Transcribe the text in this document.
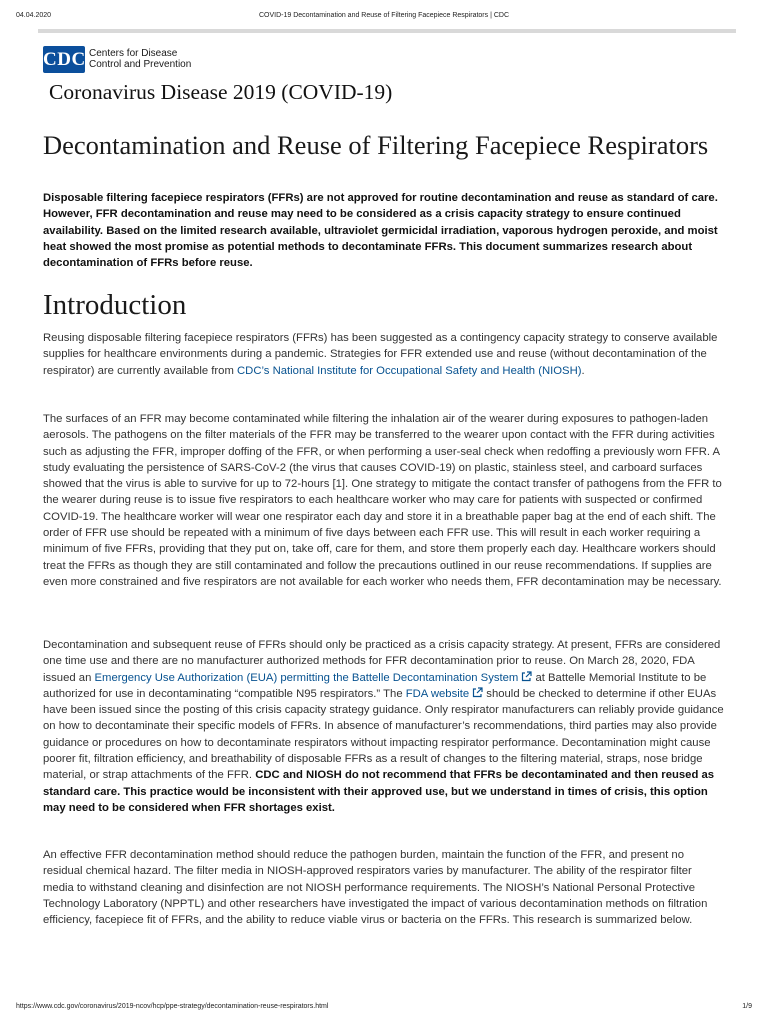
04.04.2020	COVID-19 Decontamination and Reuse of Filtering Facepiece Respirators | CDC
CDC Centers for Disease
Control and Prevention
Coronavirus Disease 2019 (COVID-19)
Decontamination and Reuse of Filtering Facepiece Respirators

Disposable filtering facepiece respirators (FFRs) are not approved for routine decontamination and reuse as standard of care. However, FFR decontamination and reuse may need to be considered as a crisis capacity strategy to ensure continued availability. Based on the limited research available, ultraviolet germicidal irradiation, vaporous hydrogen peroxide, and moist heat showed the most promise as potential methods to decontaminate FFRs. This document summarizes research about decontamination of FFRs before reuse.

Introduction

Reusing disposable filtering facepiece respirators (FFRs) has been suggested as a contingency capacity strategy to conserve available supplies for healthcare environments during a pandemic. Strategies for FFR extended use and reuse (without decontamination of the respirator) are currently available from CDC’s National Institute for Occupational Safety and Health (NIOSH).

The surfaces of an FFR may become contaminated while filtering the inhalation air of the wearer during exposures to pathogen-laden aerosols. The pathogens on the filter materials of the FFR may be transferred to the wearer upon contact with the FFR during activities such as adjusting the FFR, improper doffing of the FFR, or when performing a user-seal check when redoffing a previously worn FFR. A study evaluating the persistence of SARS-CoV-2 (the virus that causes COVID-19) on plastic, stainless steel, and carboard surfaces showed that the virus is able to survive for up to 72-hours [1]. One strategy to mitigate the contact transfer of pathogens from the FFR to the wearer during reuse is to issue five respirators to each healthcare worker who may care for patients with suspected or confirmed COVID-19. The healthcare worker will wear one respirator each day and store it in a breathable paper bag at the end of each shift. The order of FFR use should be repeated with a minimum of five days between each FFR use. This will result in each worker requiring a minimum of five FFRs, providing that they put on, take off, care for them, and store them properly each day. Healthcare workers should treat the FFRs as though they are still contaminated and follow the precautions outlined in our reuse recommendations. If supplies are even more constrained and five respirators are not available for each worker who needs them, FFR decontamination may be necessary.

Decontamination and subsequent reuse of FFRs should only be practiced as a crisis capacity strategy. At present, FFRs are considered one time use and there are no manufacturer authorized methods for FFR decontamination prior to reuse. On March 28, 2020, FDA issued an Emergency Use Authorization (EUA) permitting the Battelle Decontamination System at Battelle Memorial Institute to be authorized for use in decontaminating “compatible N95 respirators.” The FDA website should be checked to determine if other EUAs have been issued since the posting of this crisis capacity strategy guidance. Only respirator manufacturers can reliably provide guidance on how to decontaminate their specific models of FFRs. In absence of manufacturer’s recommendations, third parties may also provide guidance or procedures on how to decontaminate respirators without impacting respirator performance. Decontamination might cause poorer fit, filtration efficiency, and breathability of disposable FFRs as a result of changes to the filtering material, straps, nose bridge material, or strap attachments of the FFR. CDC and NIOSH do not recommend that FFRs be decontaminated and then reused as standard care. This practice would be inconsistent with their approved use, but we understand in times of crisis, this option may need to be considered when FFR shortages exist.

An effective FFR decontamination method should reduce the pathogen burden, maintain the function of the FFR, and present no residual chemical hazard. The filter media in NIOSH-approved respirators varies by manufacturer. The ability of the respirator filter media to withstand cleaning and disinfection are not NIOSH performance requirements. The NIOSH’s National Personal Protective Technology Laboratory (NPPTL) and other researchers have investigated the impact of various decontamination methods on filtration efficiency, facepiece fit of FFRs, and the ability to reduce viable virus or bacteria on the FFRs. This research is summarized below.

https://www.cdc.gov/coronavirus/2019-ncov/hcp/ppe-strategy/decontamination-reuse-respirators.html	1/9
